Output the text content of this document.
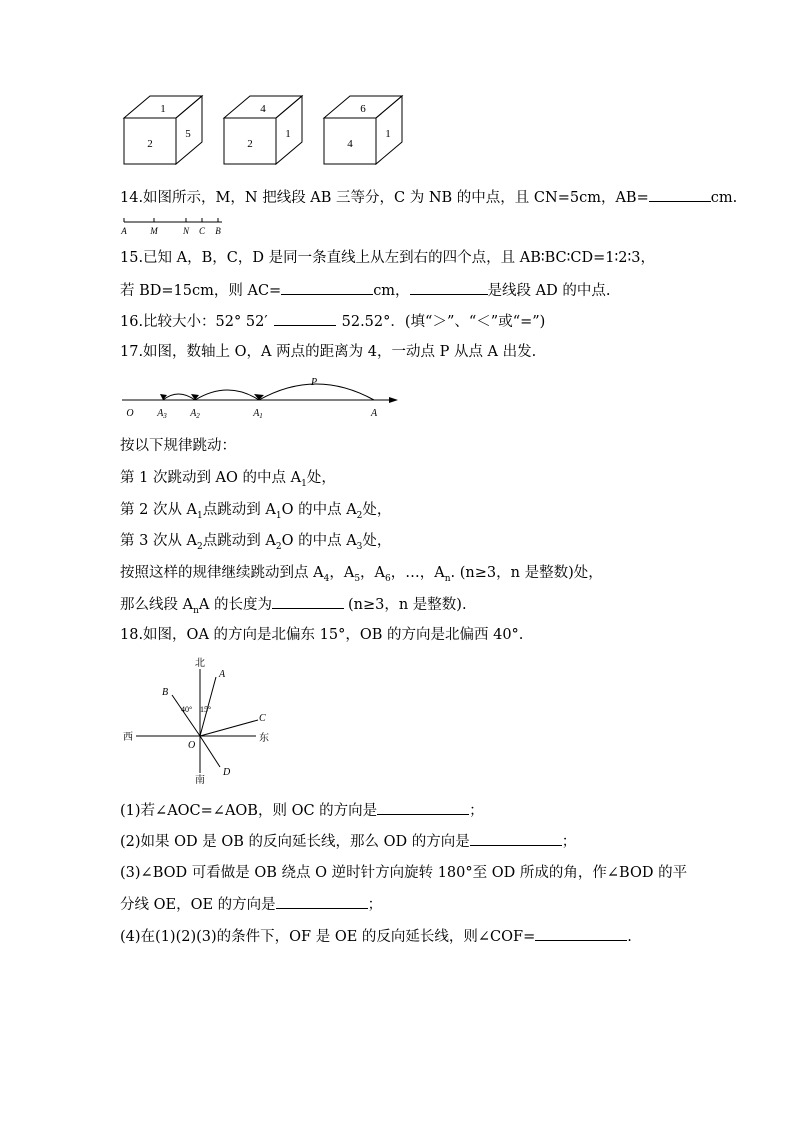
1
2
5
4
2
1
6
4
1
14.如图所示，M，N 把线段 AB 三等分，C 为 NB 的中点，且 CN=5cm，AB=	cm.
A	M	N C B
15.已知 A，B，C，D 是同一条直线上从左到右的四个点，且 AB∶BC∶CD=1∶2∶3，
若 BD=15cm，则 AC=	cm，	是线段 AD 的中点.
16.比较大小：52° 52′	52.52°．(填“＞”、“＜”或“=”)
17.如图，数轴上 O，A 两点的距离为 4，一动点 P 从点 A 出发.
P
O $A_3$ $A_2$	$A_1$	A
按以下规律跳动：
第 1 次跳动到 AO 的中点 $A_1$处，
第 2 次从 $A_1$点跳动到 $A_1O$ 的中点 $A_2$处，
第 3 次从 $A_2$点跳动到 $A_2O$ 的中点 $A_3$处，
按照这样的规律继续跳动到点 $A_4$，$A_5$，$A_6$，…，$A_n$. (n≥3，n 是整数)处，
那么线段 $A_nA$ 的长度为	(n≥3，n 是整数).
18.如图，OA 的方向是北偏东 15°，OB 的方向是北偏西 40°.
北
南
西	东
A
B
C
D
O
40° 15°
(1)若∠AOC=∠AOB，则 OC 的方向是	；
(2)如果 OD 是 OB 的反向延长线，那么 OD 的方向是	；
(3)∠BOD 可看做是 OB 绕点 O 逆时针方向旋转 180°至 OD 所成的角，作∠BOD 的平
分线 OE，OE 的方向是	；
(4)在(1)(2)(3)的条件下，OF 是 OE 的反向延长线，则∠COF=	.
